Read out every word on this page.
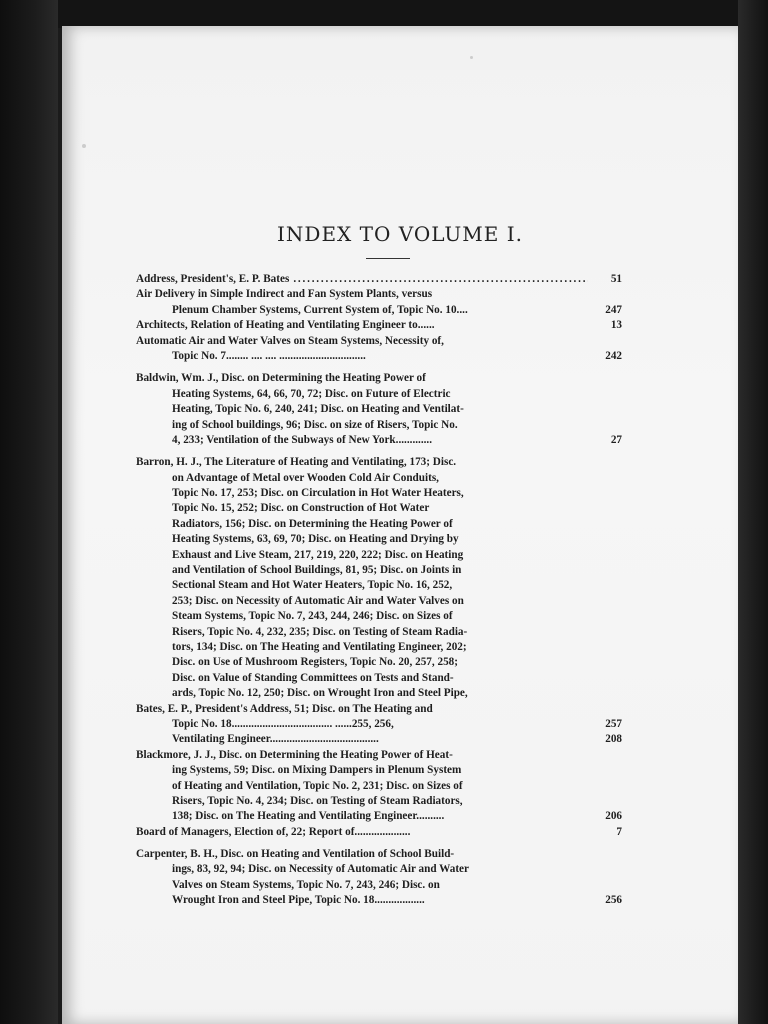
INDEX TO VOLUME I.
Address, President's, E. P. Bates . . .	51
Air Delivery in Simple Indirect and Fan System Plants, versus
Plenum Chamber Systems, Current System of, Topic No. 10....	247
Architects, Relation of Heating and Ventilating Engineer to......	13
Automatic Air and Water Valves on Steam Systems, Necessity of,
Topic No. 7........ .... .... ...............................	242
Baldwin, Wm. J., Disc. on Determining the Heating Power of
Heating Systems, 64, 66, 70, 72; Disc. on Future of Electric
Heating, Topic No. 6, 240, 241; Disc. on Heating and Ventilat-
ing of School buildings, 96; Disc. on size of Risers, Topic No.
4, 233; Ventilation of the Subways of New York.............	27
Barron, H. J., The Literature of Heating and Ventilating, 173; Disc.
on Advantage of Metal over Wooden Cold Air Conduits,
Topic No. 17, 253; Disc. on Circulation in Hot Water Heaters,
Topic No. 15, 252; Disc. on Construction of Hot Water
Radiators, 156; Disc. on Determining the Heating Power of
Heating Systems, 63, 69, 70; Disc. on Heating and Drying by
Exhaust and Live Steam, 217, 219, 220, 222; Disc. on Heating
and Ventilation of School Buildings, 81, 95; Disc. on Joints in
Sectional Steam and Hot Water Heaters, Topic No. 16, 252,
253; Disc. on Necessity of Automatic Air and Water Valves on
Steam Systems, Topic No. 7, 243, 244, 246; Disc. on Sizes of
Risers, Topic No. 4, 232, 235; Disc. on Testing of Steam Radia-
tors, 134; Disc. on The Heating and Ventilating Engineer, 202;
Disc. on Use of Mushroom Registers, Topic No. 20, 257, 258;
Disc. on Value of Standing Committees on Tests and Stand-
ards, Topic No. 12, 250; Disc. on Wrought Iron and Steel Pipe,
Bates, E. P., President's Address, 51; Disc. on The Heating and
Topic No. 18.................................... ......255, 256,	257
Ventilating Engineer.......................................	208
Blackmore, J. J., Disc. on Determining the Heating Power of Heat-
ing Systems, 59; Disc. on Mixing Dampers in Plenum System
of Heating and Ventilation, Topic No. 2, 231; Disc. on Sizes of
Risers, Topic No. 4, 234; Disc. on Testing of Steam Radiators,
138; Disc. on The Heating and Ventilating Engineer..........	206
Board of Managers, Election of, 22; Report of....................	7
Carpenter, B. H., Disc. on Heating and Ventilation of School Build-
ings, 83, 92, 94; Disc. on Necessity of Automatic Air and Water
Valves on Steam Systems, Topic No. 7, 243, 246; Disc. on
Wrought Iron and Steel Pipe, Topic No. 18..................	256
